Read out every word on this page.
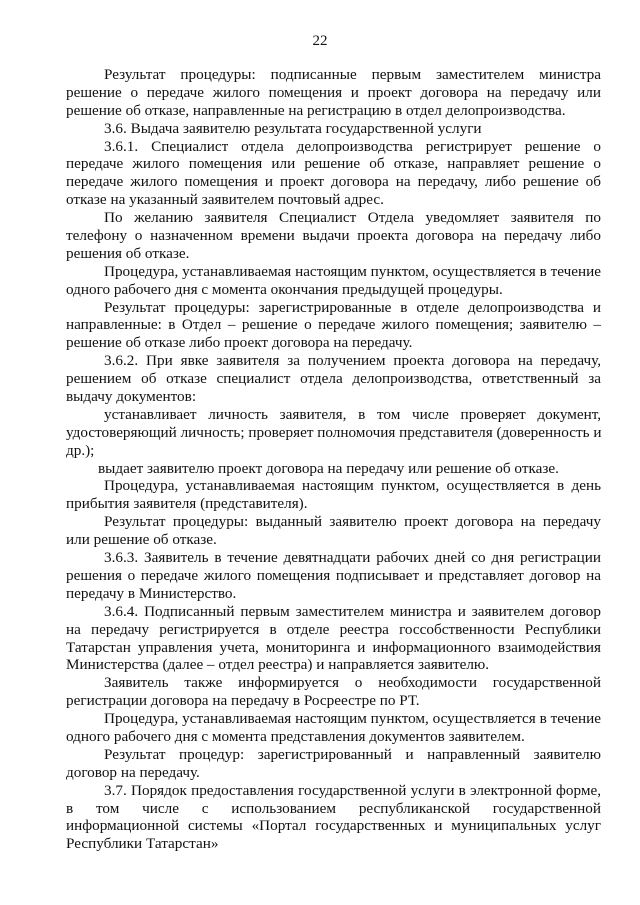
22
Результат процедуры: подписанные первым заместителем министра
решение о передаче жилого помещения и проект договора на передачу или
решение об отказе, направленные на регистрацию в отдел делопроизводства.
3.6. Выдача заявителю результата государственной услуги
3.6.1. Специалист отдела делопроизводства регистрирует решение о
передаче жилого помещения или решение об отказе, направляет решение о
передаче жилого помещения и проект договора на передачу, либо решение об
отказе на указанный заявителем почтовый адрес.
По желанию заявителя Специалист Отдела уведомляет заявителя по
телефону о назначенном времени выдачи проекта договора на передачу либо
решения об отказе.
Процедура, устанавливаемая настоящим пунктом, осуществляется в течение
одного рабочего дня с момента окончания предыдущей процедуры.
Результат процедуры: зарегистрированные в отделе делопроизводства и
направленные: в Отдел – решение о передаче жилого помещения; заявителю –
решение об отказе либо проект договора на передачу.
3.6.2. При явке заявителя за получением проекта договора на передачу,
решением об отказе специалист отдела делопроизводства, ответственный за
выдачу документов:
устанавливает личность заявителя, в том числе проверяет документ,
удостоверяющий личность; проверяет полномочия представителя (доверенность и
др.);
выдает заявителю проект договора на передачу или решение об отказе.
Процедура, устанавливаемая настоящим пунктом, осуществляется в день
прибытия заявителя (представителя).
Результат процедуры: выданный заявителю проект договора на передачу
или решение об отказе.
3.6.3. Заявитель в течение девятнадцати рабочих дней со дня регистрации
решения о передаче жилого помещения подписывает и представляет договор на
передачу в Министерство.
3.6.4. Подписанный первым заместителем министра и заявителем договор
на передачу регистрируется в отделе реестра госсобственности Республики
Татарстан управления учета, мониторинга и информационного взаимодействия
Министерства (далее – отдел реестра) и направляется заявителю.
Заявитель также информируется о необходимости государственной
регистрации договора на передачу в Росреестре по РТ.
Процедура, устанавливаемая настоящим пунктом, осуществляется в течение
одного рабочего дня с момента представления документов заявителем.
Результат процедур: зарегистрированный и направленный заявителю
договор на передачу.
3.7. Порядок предоставления государственной услуги в электронной форме,
в том числе с использованием республиканской государственной
информационной системы «Портал государственных и муниципальных услуг
Республики Татарстан»
